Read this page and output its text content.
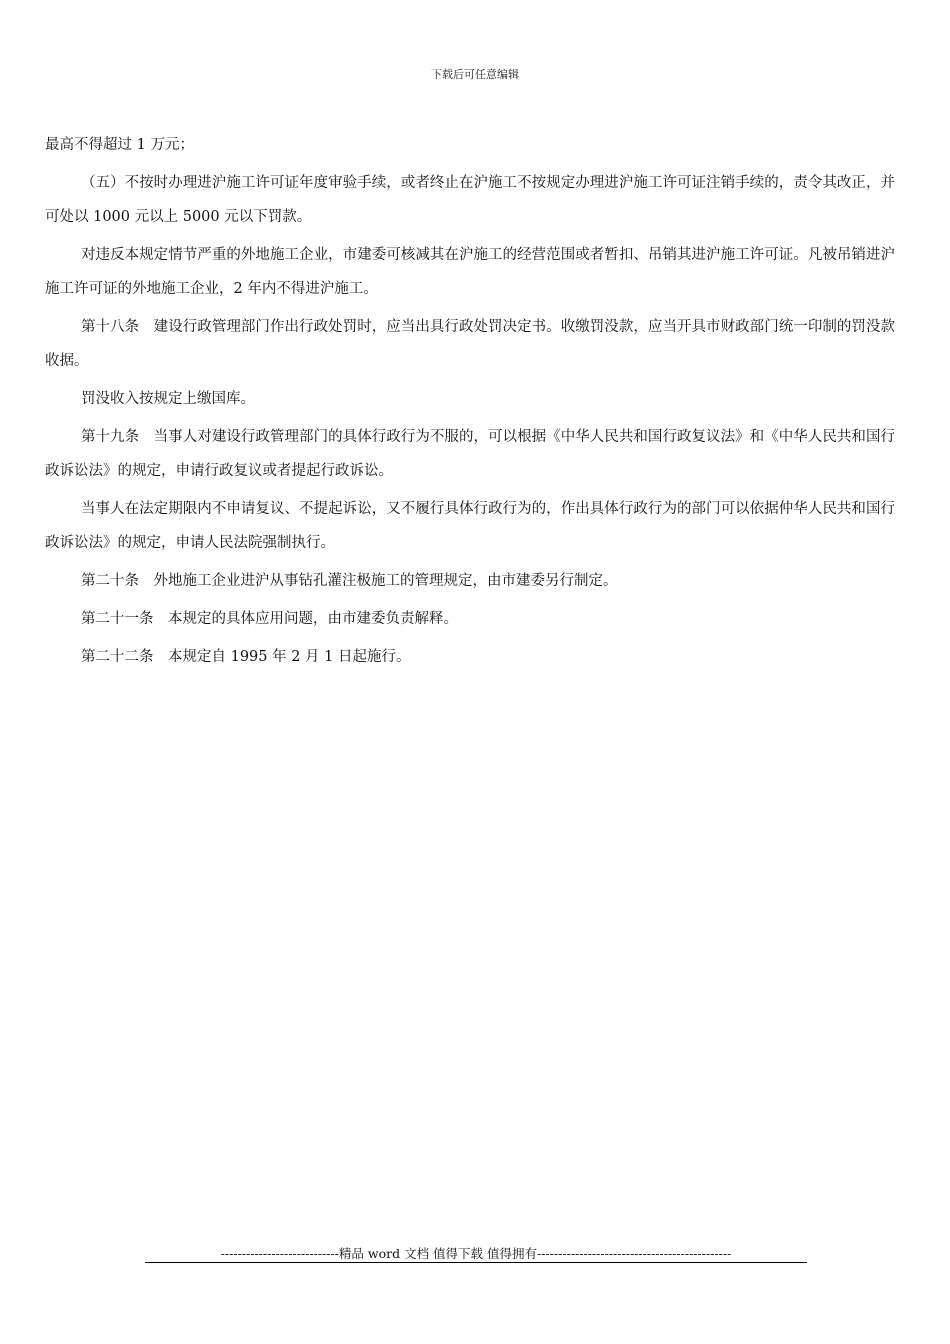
下载后可任意编辑

最高不得超过 1 万元；

（五）不按时办理进沪施工许可证年度审验手续，或者终止在沪施工不按规定办理进沪施工许可证注销手续的，责令其改正，并可处以 1000 元以上 5000 元以下罚款。

对违反本规定情节严重的外地施工企业，市建委可核减其在沪施工的经营范围或者暂扣、吊销其进沪施工许可证。凡被吊销进沪施工许可证的外地施工企业，2 年内不得进沪施工。

第十八条　建设行政管理部门作出行政处罚时，应当出具行政处罚决定书。收缴罚没款，应当开具市财政部门统一印制的罚没款收据。

罚没收入按规定上缴国库。

第十九条　当事人对建设行政管理部门的具体行政行为不服的，可以根据《中华人民共和国行政复议法》和《中华人民共和国行政诉讼法》的规定，申请行政复议或者提起行政诉讼。

当事人在法定期限内不申请复议、不提起诉讼，又不履行具体行政行为的，作出具体行政行为的部门可以依据仲华人民共和国行政诉讼法》的规定，申请人民法院强制执行。

第二十条　外地施工企业进沪从事钻孔灌注极施工的管理规定，由市建委另行制定。

第二十一条　本规定的具体应用问题，由市建委负责解释。

第二十二条　本规定自 1995 年 2 月 1 日起施行。

----------------------------精品 word 文档 值得下载 值得拥有----------------------------------------------
